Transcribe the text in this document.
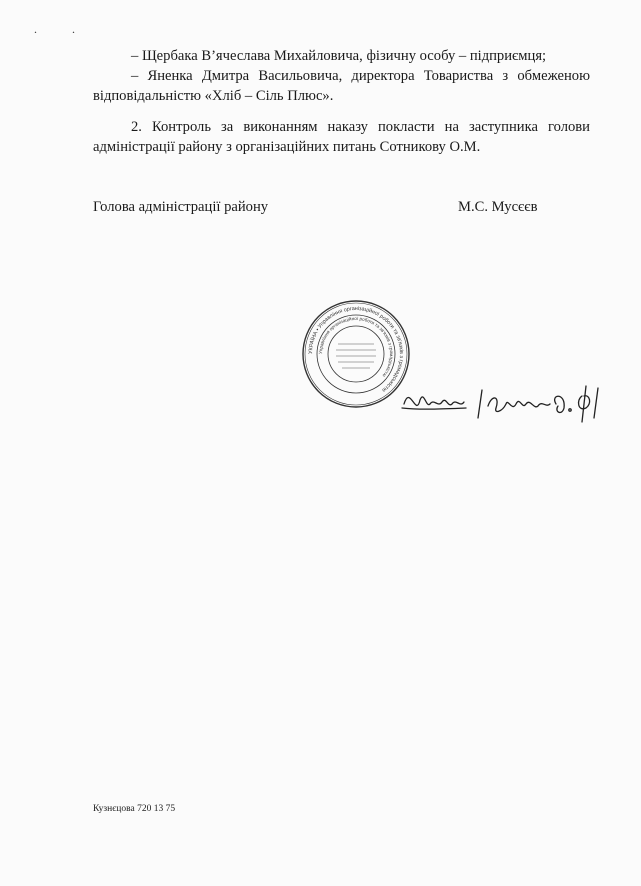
. .

– Щербака В’ячеслава Михайловича, фізичну особу – підприємця;

– Яненка Дмитра Васильовича, директора Товариства з обмеженою відповідальністю «Хліб – Сіль Плюс».

2. Контроль за виконанням наказу покласти на заступника голови адміністрації району з організаційних питань Сотникову О.М.

Голова адміністрації району	М.С. Мусєєв
УКРАЇНА • Управління організаційної роботи та зв'язків з громадськістю
Управління організаційної роботи та зв'язків з громадськістю
Кузнєцова 720 13 75
